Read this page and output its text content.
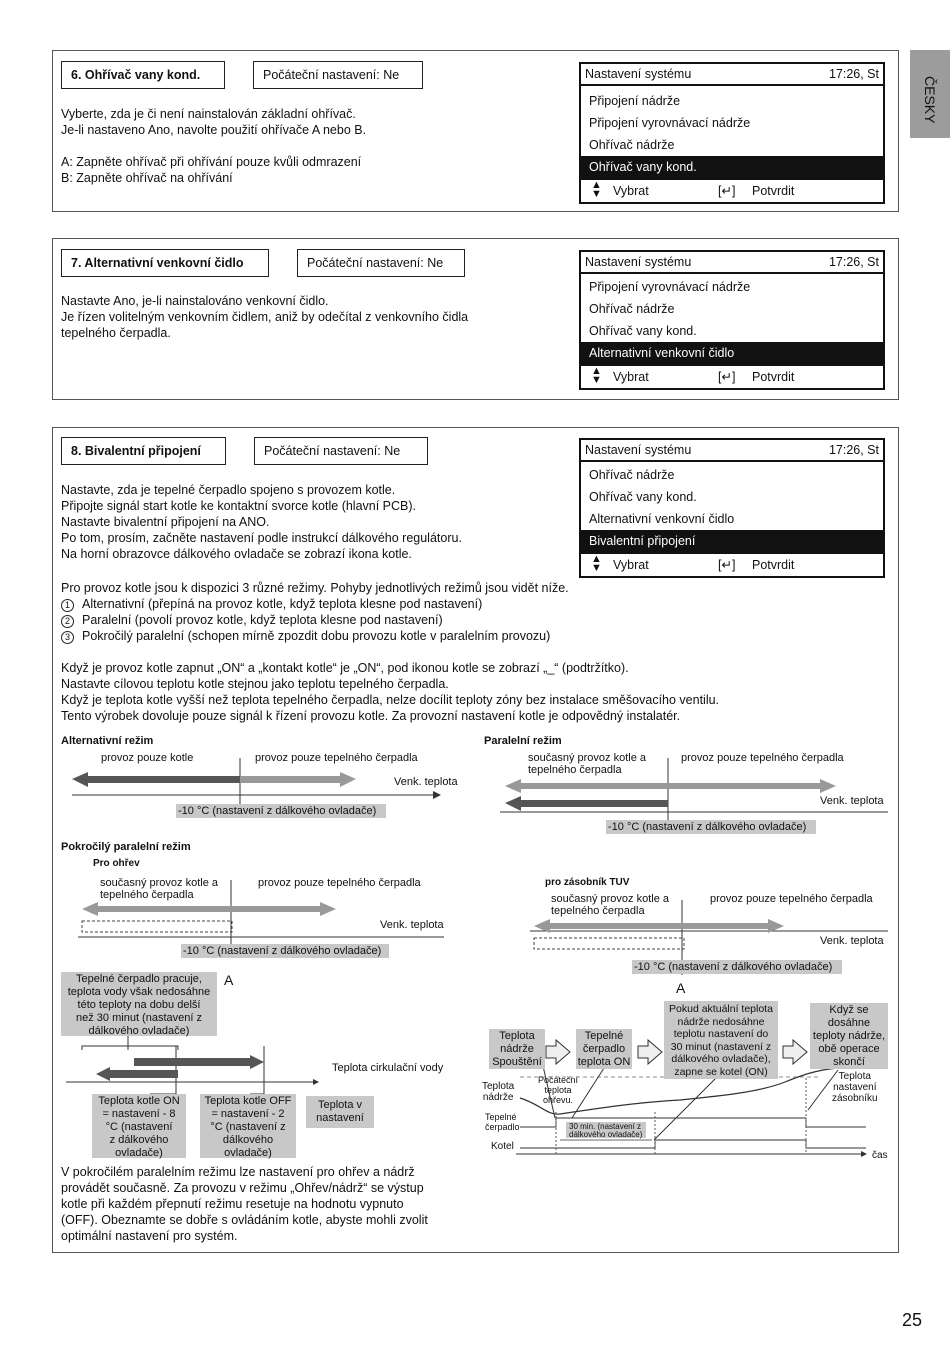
ČESKY
6. Ohřívač vany kond.	Počáteční nastavení: Ne
Vyberte, zda je či není nainstalován základní ohřívač.
Je-li nastaveno Ano, navolte použití ohřívače A nebo B.
A: Zapněte ohřívač při ohřívání pouze kvůli odmrazení
B: Zapněte ohřívač na ohřívání
Nastavení systému	17:26, St
Připojení nádrže
Připojení vyrovnávací nádrže
Ohřívač nádrže
Ohřívač vany kond.
▲
▼ Vybrat	[↵] Potvrdit
7. Alternativní venkovní čidlo	Počáteční nastavení: Ne
Nastavte Ano, je-li nainstalováno venkovní čidlo.
Je řízen volitelným venkovním čidlem, aniž by odečítal z venkovního čidla
tepelného čerpadla.
Nastavení systému	17:26, St
Připojení vyrovnávací nádrže
Ohřívač nádrže
Ohřívač vany kond.
Alternativní venkovní čidlo
▲
▼ Vybrat	[↵] Potvrdit
8. Bivalentní připojení	Počáteční nastavení: Ne
Nastavte, zda je tepelné čerpadlo spojeno s provozem kotle.
Připojte signál start kotle ke kontaktní svorce kotle (hlavní PCB).
Nastavte bivalentní připojení na ANO.
Po tom, prosím, začněte nastavení podle instrukcí dálkového regulátoru.
Na horní obrazovce dálkového ovladače se zobrazí ikona kotle.
Nastavení systému	17:26, St
Ohřívač nádrže
Ohřívač vany kond.
Alternativní venkovní čidlo
Bivalentní připojení
▲
▼ Vybrat	[↵] Potvrdit
Pro provoz kotle jsou k dispozici 3 různé režimy. Pohyby jednotlivých režimů jsou vidět níže.
1 Alternativní (přepíná na provoz kotle, když teplota klesne pod nastavení)
2 Paralelní (povolí provoz kotle, když teplota klesne pod nastavení)
3 Pokročilý paralelní (schopen mírně zpozdit dobu provozu kotle v paralelním provozu)
Když je provoz kotle zapnut „ON“ a „kontakt kotle“ je „ON“, pod ikonou kotle se zobrazí „_“ (podtržítko).
Nastavte cílovou teplotu kotle stejnou jako teplotu tepelného čerpadla.
Když je teplota kotle vyšší než teplota tepelného čerpadla, nelze docílit teploty zóny bez instalace směšovacího ventilu.
Tento výrobek dovoluje pouze signál k řízení provozu kotle. Za provozní nastavení kotle je odpovědný instalatér.
Alternativní režim
provoz pouze kotle	provoz pouze tepelného čerpadla
Venk. teplota
-10 °C (nastavení z dálkového ovladače)
Paralelní režim
současný provoz kotle a
tepelného čerpadla
provoz pouze tepelného čerpadla
Venk. teplota
-10 °C (nastavení z dálkového ovladače)
Pokročilý paralelní režim
Pro ohřev
současný provoz kotle a
tepelného čerpadla
provoz pouze tepelného čerpadla
Venk. teplota
-10 °C (nastavení z dálkového ovladače)
pro zásobník TUV
současný provoz kotle a
tepelného čerpadla
provoz pouze tepelného čerpadla
Venk. teplota
-10 °C (nastavení z dálkového ovladače)
A	A
Tepelné čerpadlo pracuje,
teplota vody však nedosáhne
této teploty na dobu delší
než 30 minut (nastavení z
dálkového ovladače)
Teplota cirkulační vody
Teplota kotle ON
= nastavení - 8
°C (nastavení
z dálkového
ovladače)
Teplota kotle OFF
= nastavení - 2
°C (nastavení z
dálkového
ovladače)
Teplota v
nastavení
Teplota
nádrže
Spouštění
Tepelné
čerpadlo
teplota ON
Pokud aktuální teplota
nádrže nedosáhne
teplotu nastavení do
30 minut (nastavení z
dálkového ovladače),
zapne se kotel (ON)
Když se
dosáhne
teploty nádrže,
obě operace
skončí
Teplota
nádrže
Počáteční
teplota
ohřevu.
Tepelné
čerpadlo
Kotel
Teplota
nastavení
zásobníku
30 min. (nastavení z
dálkového ovladače)
čas
V pokročilém paralelním režimu lze nastavení pro ohřev a nádrž
provádět současně. Za provozu v režimu „Ohřev/nádrž“ se výstup
kotle při každém přepnutí režimu resetuje na hodnotu vypnuto
(OFF). Obeznamte se dobře s ovládáním kotle, abyste mohli zvolit
optimální nastavení pro systém.
25
